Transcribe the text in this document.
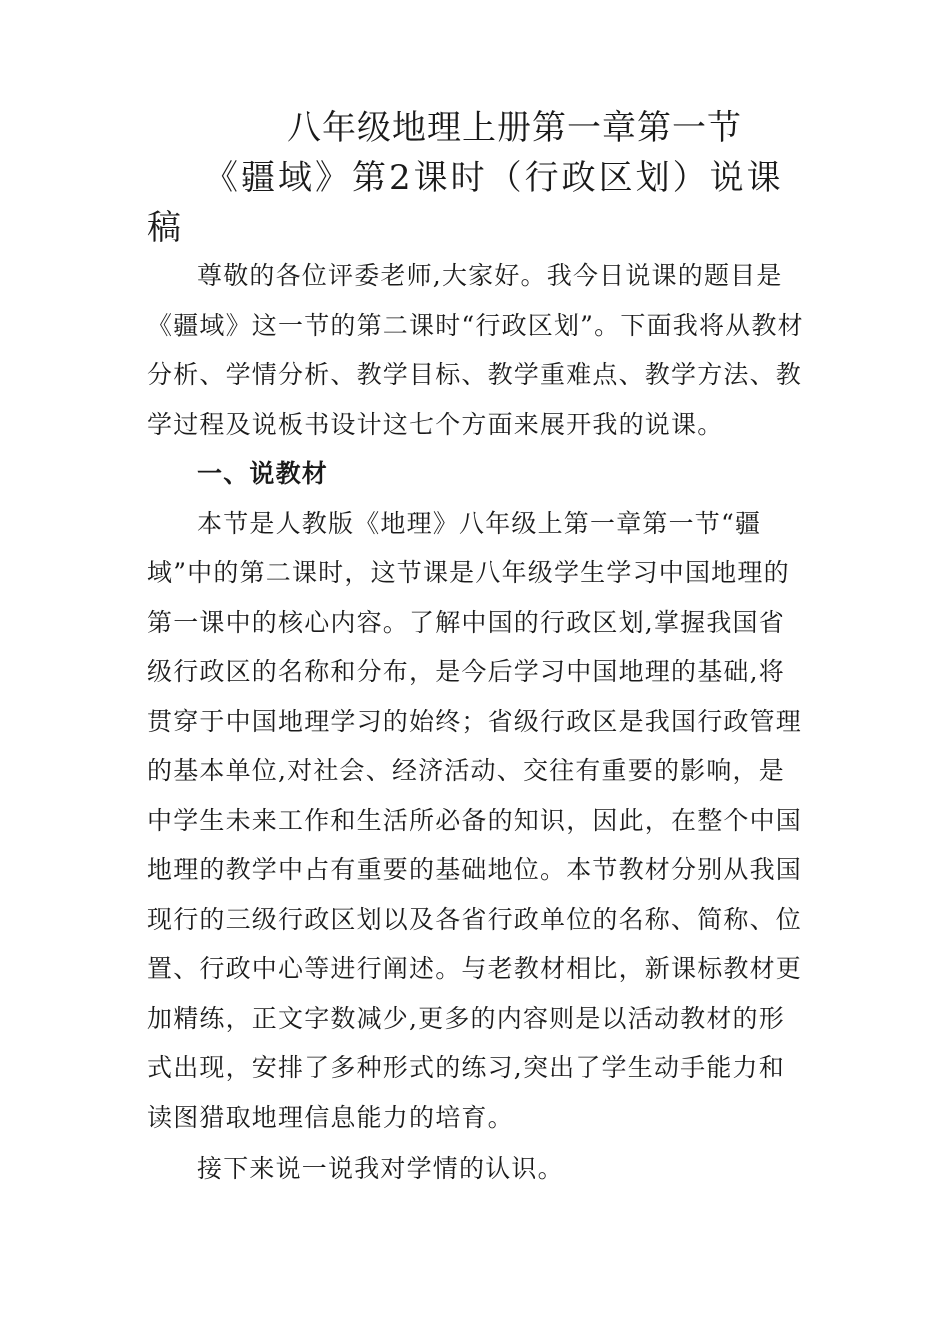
八年级地理上册第一章第一节
《疆域》第2课时（行政区划）说课
稿

尊敬的各位评委老师,大家好。我今日说课的题目是《疆域》这一节的第二课时“行政区划”。下面我将从教材分析、学情分析、教学目标、教学重难点、教学方法、教学过程及说板书设计这七个方面来展开我的说课。

一、说教材

本节是人教版《地理》八年级上第一章第一节“疆域”中的第二课时，这节课是八年级学生学习中国地理的第一课中的核心内容。了解中国的行政区划,掌握我国省级行政区的名称和分布，是今后学习中国地理的基础,将贯穿于中国地理学习的始终；省级行政区是我国行政管理的基本单位,对社会、经济活动、交往有重要的影响，是中学生未来工作和生活所必备的知识，因此，在整个中国地理的教学中占有重要的基础地位。本节教材分别从我国现行的三级行政区划以及各省行政单位的名称、简称、位置、行政中心等进行阐述。与老教材相比，新课标教材更加精练，正文字数减少,更多的内容则是以活动教材的形式出现，安排了多种形式的练习,突出了学生动手能力和读图猎取地理信息能力的培育。

接下来说一说我对学情的认识。
